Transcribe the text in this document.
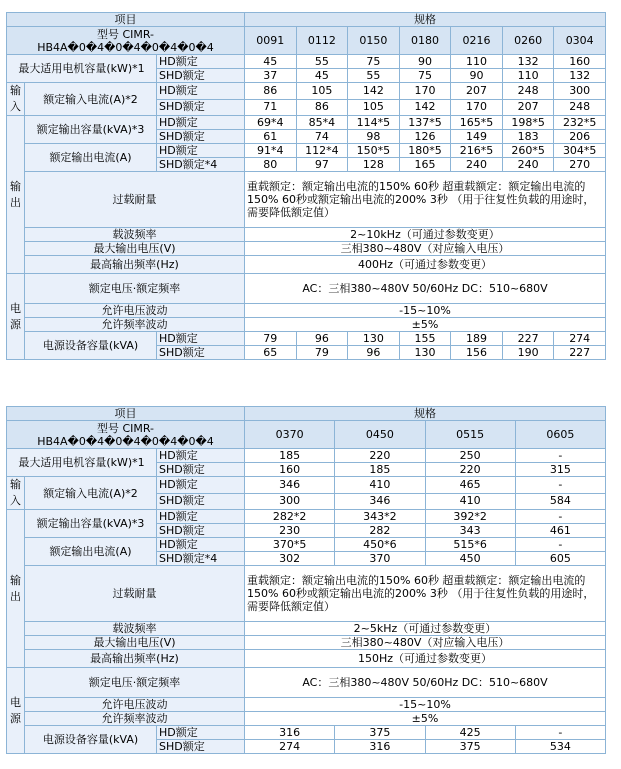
项目			规格						
型号 CIMR-HB4A�0�4�0�4�0�4�0�4			0091	0112	0150	0180	0216	0260	0304
最大适用电机容量(kW)*1		HD额定	45	55	75	90	110	132	160
		SHD额定	37	45	55	75	90	110	132
输入	额定输入电流(A)*2	HD额定	86	105	142	170	207	248	300
		SHD额定	71	86	105	142	170	207	248
输出	额定输出容量(kVA)*3	HD额定	69*4	85*4	114*5	137*5	165*5	198*5	232*5
		SHD额定	61	74	98	126	149	183	206
	额定输出电流(A)	HD额定	91*4	112*4	150*5	180*5	216*5	260*5	304*5
		SHD额定*4	80	97	128	165	240	240	270
	过载耐量		重载额定：额定输出电流的150% 60秒 超重载额定：额定输出电流的150% 60秒或额定输出电流的200% 3秒 （用于往复性负载的用途时，需要降低额定值）						
	载波频率		2~10kHz（可通过参数变更）						
	最大输出电压(V)		三相380~480V（对应输入电压）						
	最高输出频率(Hz)		400Hz（可通过参数变更）						
电源	额定电压·额定频率		AC：三相380~480V 50/60Hz DC：510~680V						
	允许电压波动		-15~10%						
	允许频率波动		±5%						
	电源设备容量(kVA)	HD额定	79	96	130	155	189	227	274
		SHD额定	65	79	96	130	156	190	227
项目			规格			
型号 CIMR-HB4A�0�4�0�4�0�4�0�4			0370	0450	0515	0605
最大适用电机容量(kW)*1		HD额定	185	220	250	-
		SHD额定	160	185	220	315
输入	额定输入电流(A)*2	HD额定	346	410	465	-
		SHD额定	300	346	410	584
输出	额定输出容量(kVA)*3	HD额定	282*2	343*2	392*2	-
		SHD额定	230	282	343	461
	额定输出电流(A)	HD额定	370*5	450*6	515*6	-
		SHD额定*4	302	370	450	605
	过载耐量		重载额定：额定输出电流的150% 60秒 超重载额定：额定输出电流的150% 60秒或额定输出电流的200% 3秒 （用于往复性负载的用途时，需要降低额定值）			
	载波频率		2~5kHz（可通过参数变更）			
	最大输出电压(V)		三相380~480V（对应输入电压）			
	最高输出频率(Hz)		150Hz（可通过参数变更）			
电源	额定电压·额定频率		AC：三相380~480V 50/60Hz DC：510~680V			
	允许电压波动		-15~10%			
	允许频率波动		±5%			
	电源设备容量(kVA)	HD额定	316	375	425	-
		SHD额定	274	316	375	534
